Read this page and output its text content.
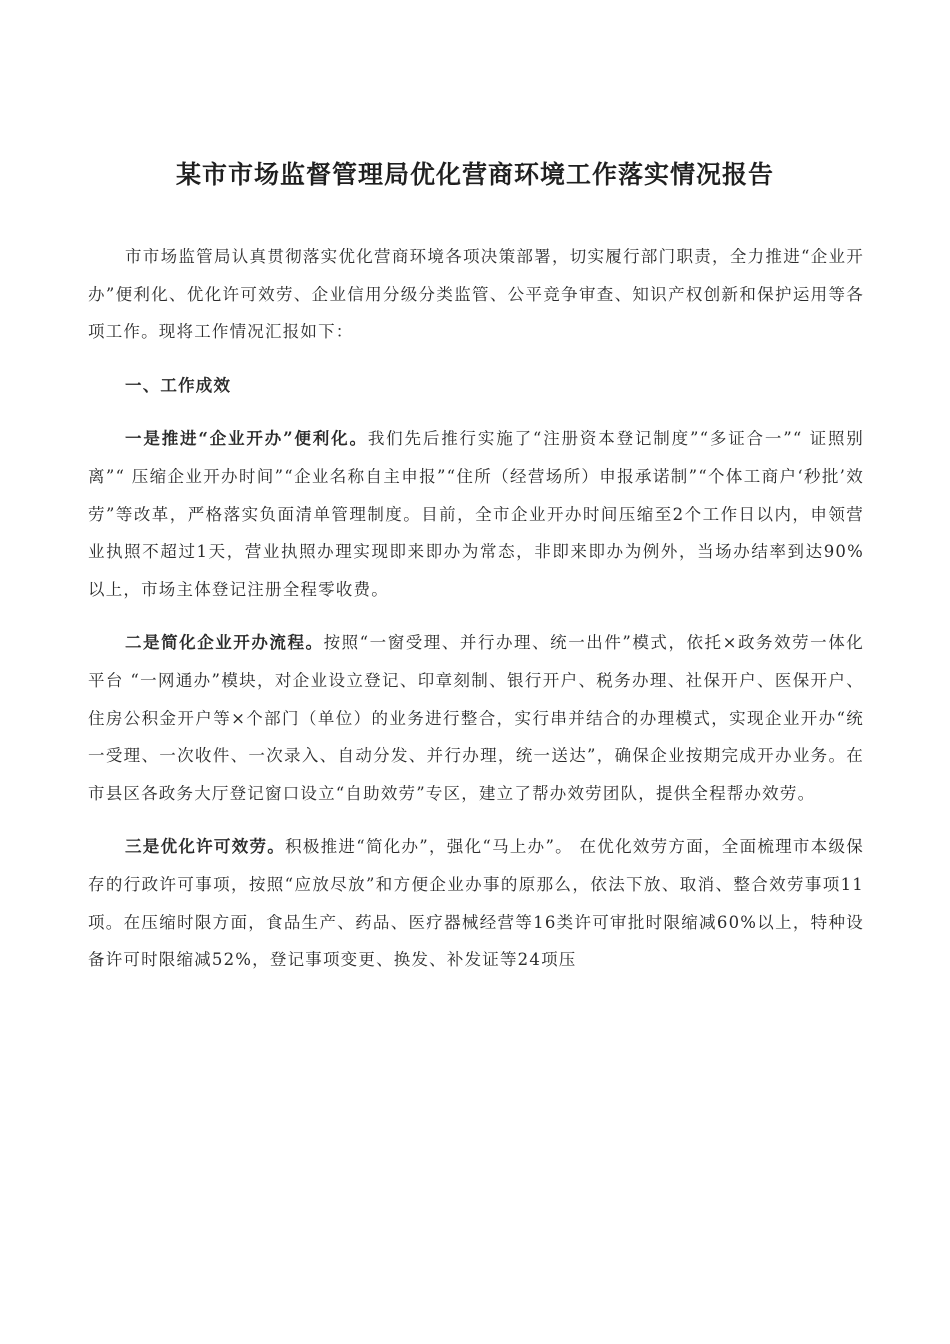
某市市场监督管理局优化营商环境工作落实情况报告

市市场监管局认真贯彻落实优化营商环境各项决策部署，切实履行部门职责，全力推进“企业开办”便利化、优化许可效劳、企业信用分级分类监管、公平竞争审查、知识产权创新和保护运用等各项工作。现将工作情况汇报如下：

一、工作成效

一是推进“企业开办”便利化。我们先后推行实施了“注册资本登记制度”“多证合一”“ 证照别离”“ 压缩企业开办时间”“企业名称自主申报”“住所（经营场所）申报承诺制”“个体工商户‘秒批’效劳”等改革，严格落实负面清单管理制度。目前，全市企业开办时间压缩至2个工作日以内，申领营业执照不超过1天，营业执照办理实现即来即办为常态，非即来即办为例外，当场办结率到达90%以上，市场主体登记注册全程零收费。

二是简化企业开办流程。按照“一窗受理、并行办理、统一出件”模式，依托×政务效劳一体化平台 “一网通办”模块，对企业设立登记、印章刻制、银行开户、税务办理、社保开户、医保开户、住房公积金开户等×个部门（单位）的业务进行整合，实行串并结合的办理模式，实现企业开办“统一受理、一次收件、一次录入、自动分发、并行办理，统一送达”，确保企业按期完成开办业务。在市县区各政务大厅登记窗口设立“自助效劳”专区，建立了帮办效劳团队，提供全程帮办效劳。

三是优化许可效劳。积极推进“简化办”，强化“马上办”。 在优化效劳方面，全面梳理市本级保存的行政许可事项，按照“应放尽放”和方便企业办事的原那么，依法下放、取消、整合效劳事项11项。在压缩时限方面，食品生产、药品、医疗器械经营等16类许可审批时限缩减60%以上，特种设备许可时限缩减52%，登记事项变更、换发、补发证等24项压
